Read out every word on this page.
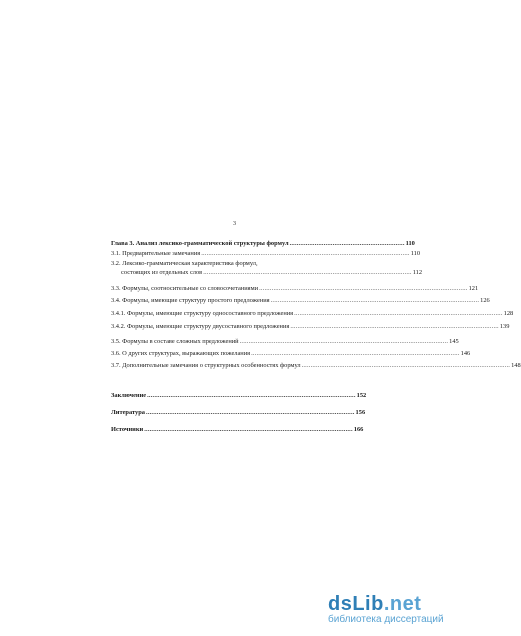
3
Глава 3. Анализ лексико-грамматической структуры формул ................................................................ 110
3.1. Предварительные замечания .................................................................................................................... 110
3.2. Лексико-грамматическая характеристика формул,
состоящих из отдельных слов .................................................................................................................... 112
3.3. Формулы, соотносительные со словосочетаниями .................................................................................................................... 121
3.4. Формулы, имеющие структуру простого предложения .................................................................................................................... 126
3.4.1. Формулы, имеющие структуру односоставного предложения .................................................................................................................... 128
3.4.2. Формулы, имеющие структуру двусоставного предложения .................................................................................................................... 139
3.5. Формулы в составе сложных предложений .................................................................................................................... 145
3.6. О других структурах, выражающих пожелания .................................................................................................................... 146
3.7. Дополнительные замечания о структурных особенностях формул .................................................................................................................... 148
Заключение .................................................................................................................... 152
Литература .................................................................................................................... 156
Источники .................................................................................................................... 166
dsLib.net
библиотека диссертаций
